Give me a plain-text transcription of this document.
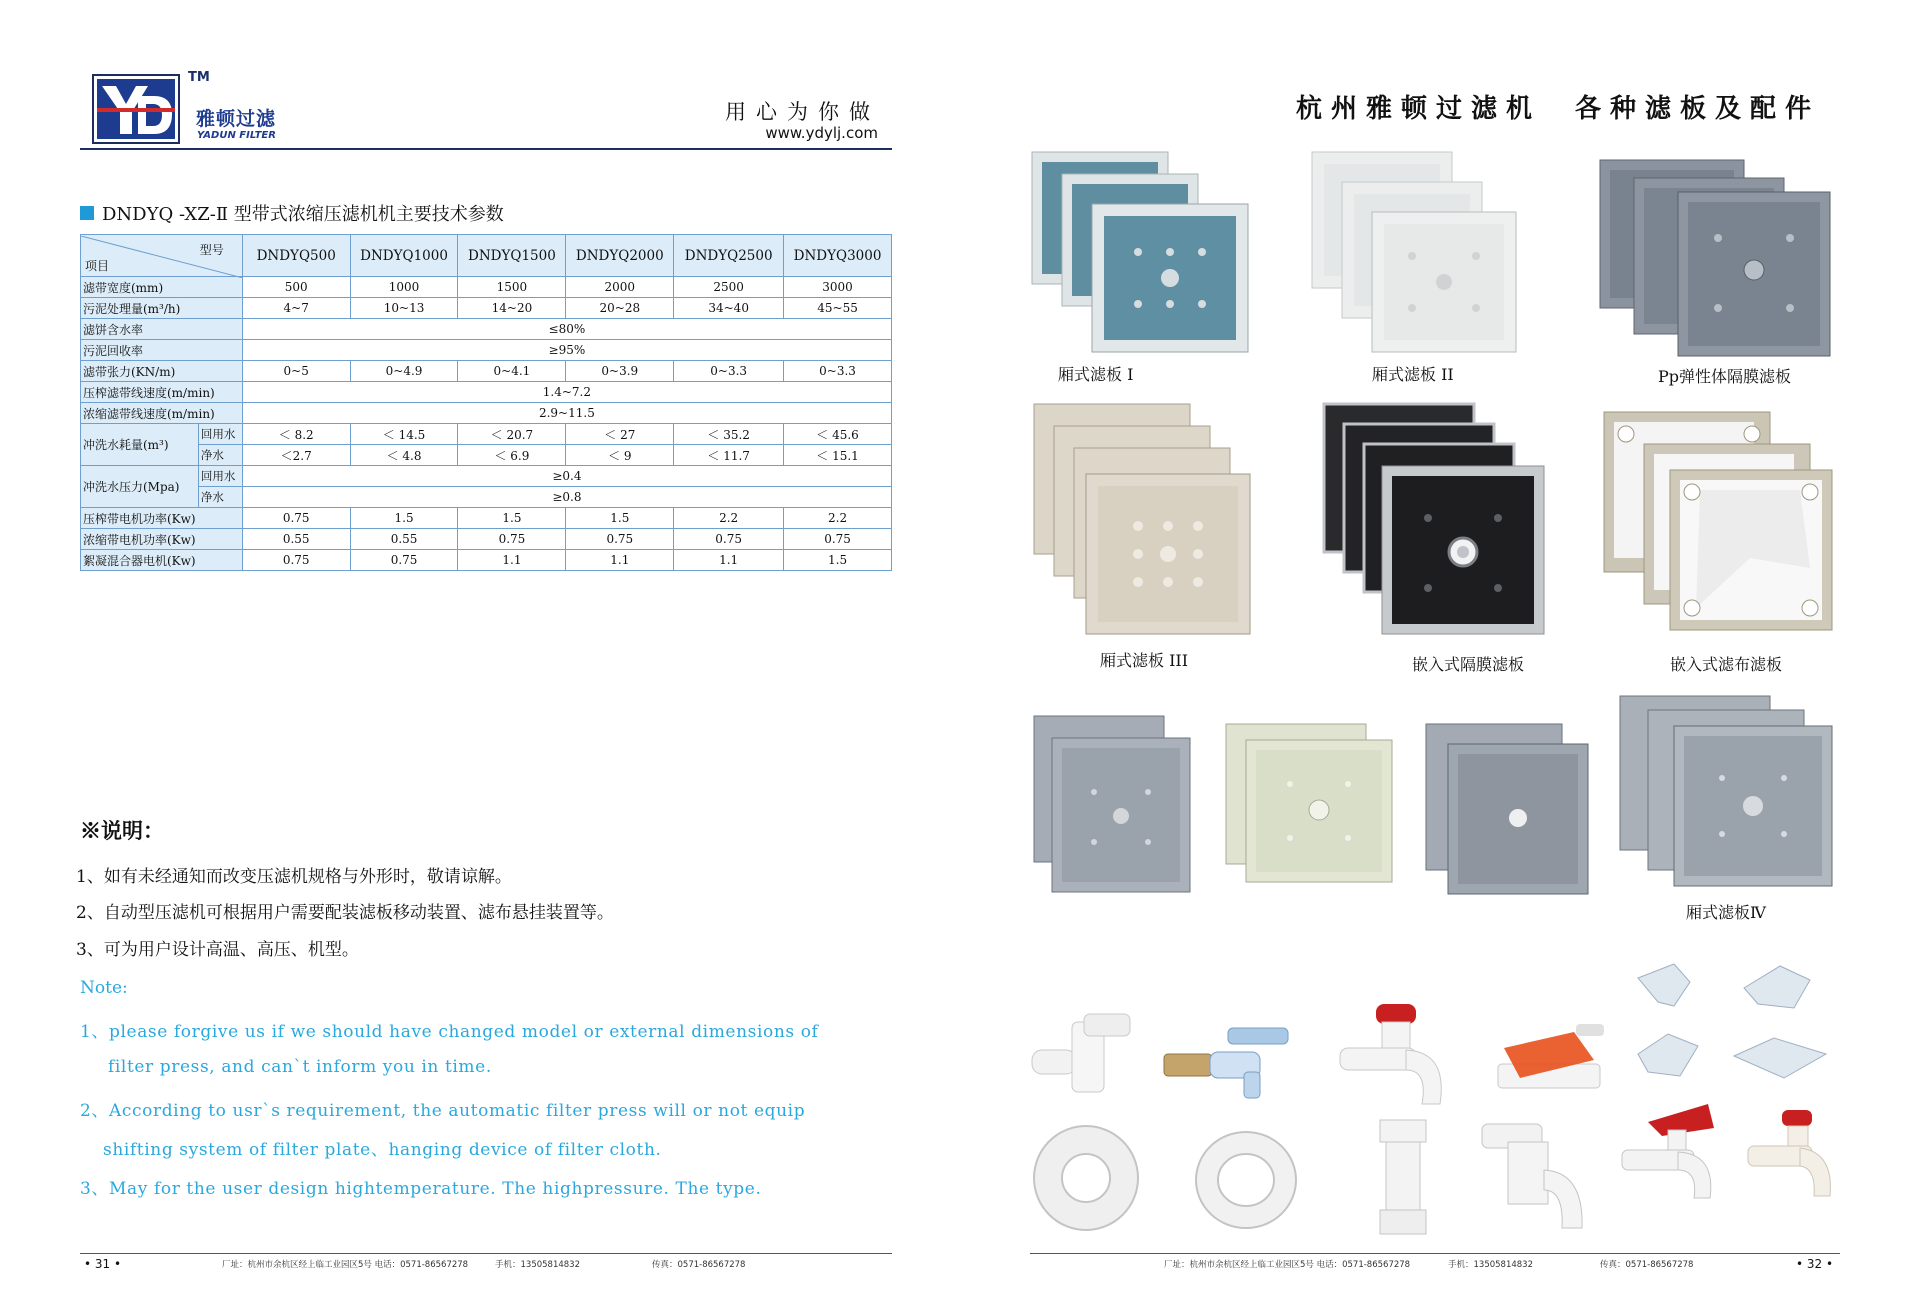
TM
雅顿过滤
YADUN FILTER
用心为你做
www.ydylj.com
DNDYQ -XZ-Ⅱ 型带式浓缩压滤机机主要技术参数
型号
项目		DNDYQ500	DNDYQ1000	DNDYQ1500	DNDYQ2000	DNDYQ2500	DNDYQ3000
滤带宽度(mm)		500	1000	1500	2000	2500	3000
污泥处理量(m³/h)		4~7	10~13	14~20	20~28	34~40	45~55
滤饼含水率		≤80%					
污泥回收率		≥95%					
滤带张力(KN/m)		0~5	0~4.9	0~4.1	0~3.9	0~3.3	0~3.3
压榨滤带线速度(m/min)		1.4~7.2					
浓缩滤带线速度(m/min)		2.9~11.5					
冲洗水耗量(m³)	回用水	＜ 8.2	＜ 14.5	＜ 20.7	＜ 27	＜ 35.2	＜ 45.6
	净水	＜2.7	＜ 4.8	＜ 6.9	＜ 9	＜ 11.7	＜ 15.1
冲洗水压力(Mpa)	回用水	≥0.4					
	净水	≥0.8					
压榨带电机功率(Kw)		0.75	1.5	1.5	1.5	2.2	2.2
浓缩带电机功率(Kw)		0.55	0.55	0.75	0.75	0.75	0.75
絮凝混合器电机(Kw)		0.75	0.75	1.1	1.1	1.1	1.5
※说明：
1、如有未经通知而改变压滤机规格与外形时，敬请谅解。
2、自动型压滤机可根据用户需要配装滤板移动装置、滤布悬挂装置等。
3、可为用户设计高温、高压、机型。
Note:
1、please forgive us if we should have changed model or external dimensions of
filter press, and can`t inform you in time.
2、According to usr`s requirement, the automatic filter press will or not equip
shifting system of filter plate、hanging device of filter cloth.
3、May for the user design hightemperature. The highpressure. The type.
• 31 •	厂址：杭州市余杭区经上临工业园区5号 电话：0571-86567278	手机：13505814832	传真：0571-86567278
杭州雅顿过滤机 各种滤板及配件
厢式滤板 I	厢式滤板 II	Pp弹性体隔膜滤板
厢式滤板 III	嵌入式隔膜滤板	嵌入式滤布滤板
厢式滤板Ⅳ
厂址：杭州市余杭区经上临工业园区5号 电话：0571-86567278	手机：13505814832	传真：0571-86567278	• 32 •
